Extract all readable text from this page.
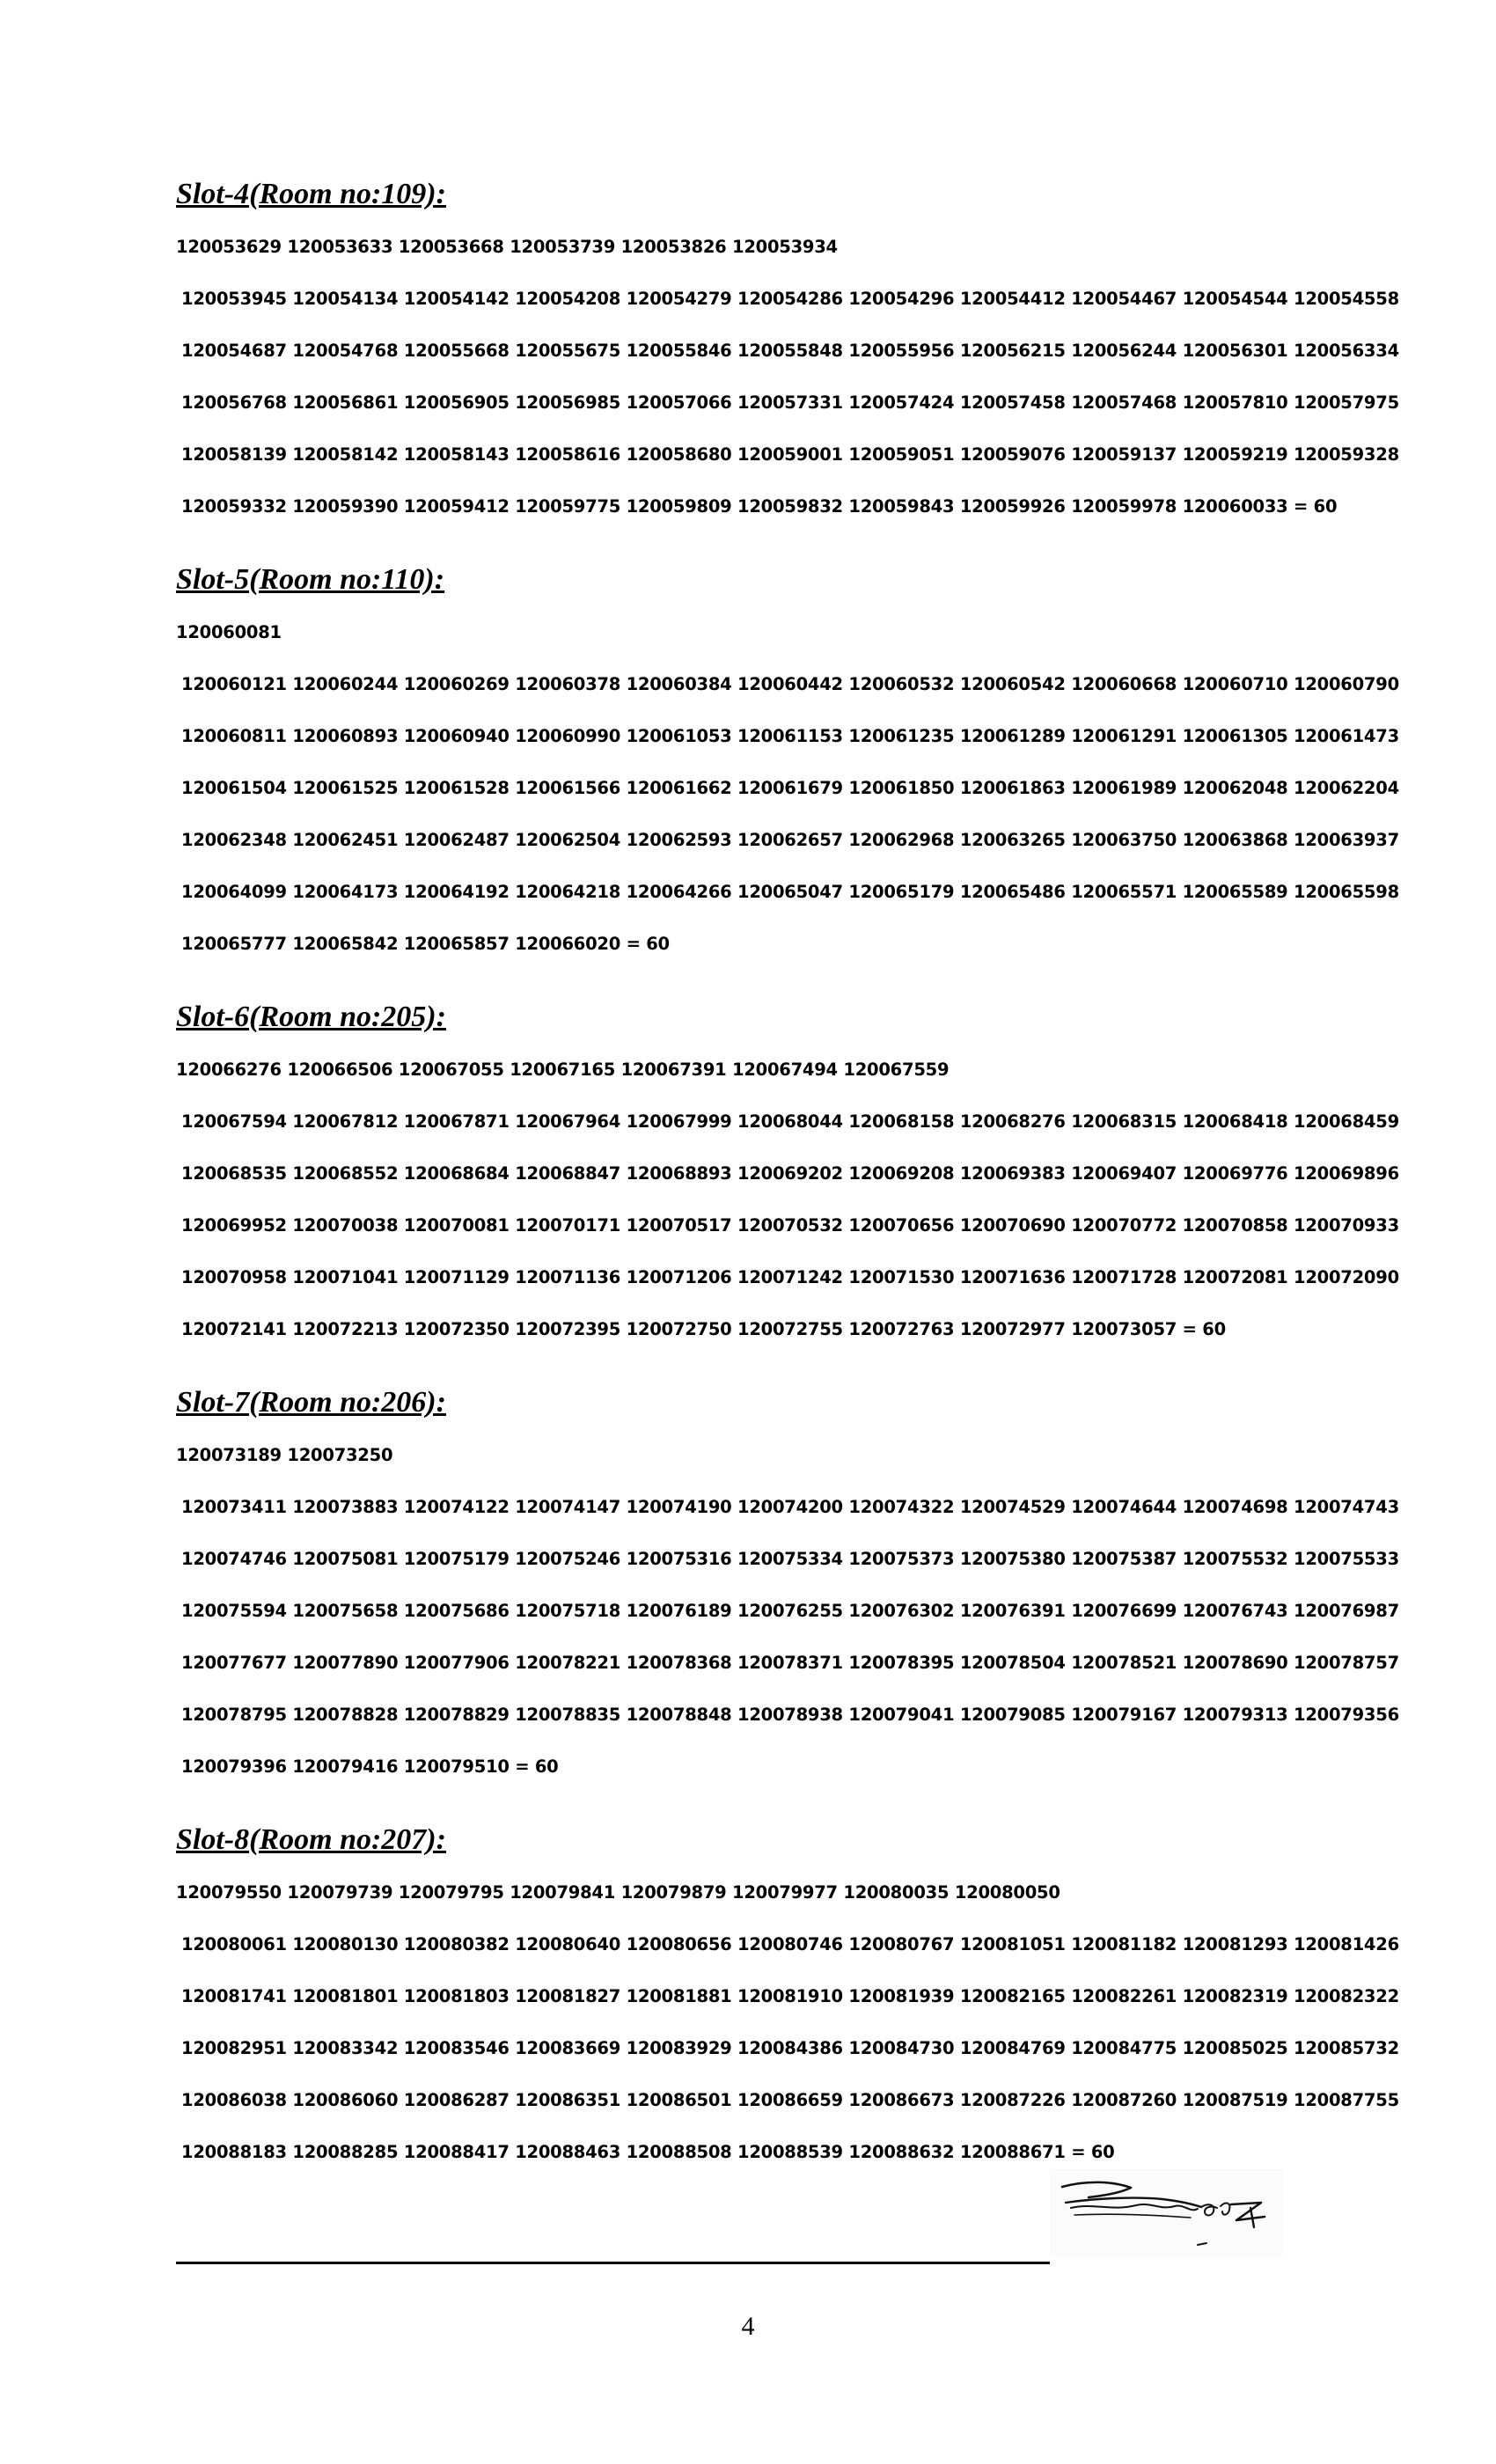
Slot-4(Room no:109):
120053629 120053633 120053668 120053739 120053826 120053934
120053945 120054134 120054142 120054208 120054279 120054286 120054296 120054412 120054467 120054544 120054558
120054687 120054768 120055668 120055675 120055846 120055848 120055956 120056215 120056244 120056301 120056334
120056768 120056861 120056905 120056985 120057066 120057331 120057424 120057458 120057468 120057810 120057975
120058139 120058142 120058143 120058616 120058680 120059001 120059051 120059076 120059137 120059219 120059328
120059332 120059390 120059412 120059775 120059809 120059832 120059843 120059926 120059978 120060033 = 60
Slot-5(Room no:110):
120060081
120060121 120060244 120060269 120060378 120060384 120060442 120060532 120060542 120060668 120060710 120060790
120060811 120060893 120060940 120060990 120061053 120061153 120061235 120061289 120061291 120061305 120061473
120061504 120061525 120061528 120061566 120061662 120061679 120061850 120061863 120061989 120062048 120062204
120062348 120062451 120062487 120062504 120062593 120062657 120062968 120063265 120063750 120063868 120063937
120064099 120064173 120064192 120064218 120064266 120065047 120065179 120065486 120065571 120065589 120065598
120065777 120065842 120065857 120066020 = 60
Slot-6(Room no:205):
120066276 120066506 120067055 120067165 120067391 120067494 120067559
120067594 120067812 120067871 120067964 120067999 120068044 120068158 120068276 120068315 120068418 120068459
120068535 120068552 120068684 120068847 120068893 120069202 120069208 120069383 120069407 120069776 120069896
120069952 120070038 120070081 120070171 120070517 120070532 120070656 120070690 120070772 120070858 120070933
120070958 120071041 120071129 120071136 120071206 120071242 120071530 120071636 120071728 120072081 120072090
120072141 120072213 120072350 120072395 120072750 120072755 120072763 120072977 120073057 = 60
Slot-7(Room no:206):
120073189 120073250
120073411 120073883 120074122 120074147 120074190 120074200 120074322 120074529 120074644 120074698 120074743
120074746 120075081 120075179 120075246 120075316 120075334 120075373 120075380 120075387 120075532 120075533
120075594 120075658 120075686 120075718 120076189 120076255 120076302 120076391 120076699 120076743 120076987
120077677 120077890 120077906 120078221 120078368 120078371 120078395 120078504 120078521 120078690 120078757
120078795 120078828 120078829 120078835 120078848 120078938 120079041 120079085 120079167 120079313 120079356
120079396 120079416 120079510 = 60
Slot-8(Room no:207):
120079550 120079739 120079795 120079841 120079879 120079977 120080035 120080050
120080061 120080130 120080382 120080640 120080656 120080746 120080767 120081051 120081182 120081293 120081426
120081741 120081801 120081803 120081827 120081881 120081910 120081939 120082165 120082261 120082319 120082322
120082951 120083342 120083546 120083669 120083929 120084386 120084730 120084769 120084775 120085025 120085732
120086038 120086060 120086287 120086351 120086501 120086659 120086673 120087226 120087260 120087519 120087755
120088183 120088285 120088417 120088463 120088508 120088539 120088632 120088671 = 60
4
